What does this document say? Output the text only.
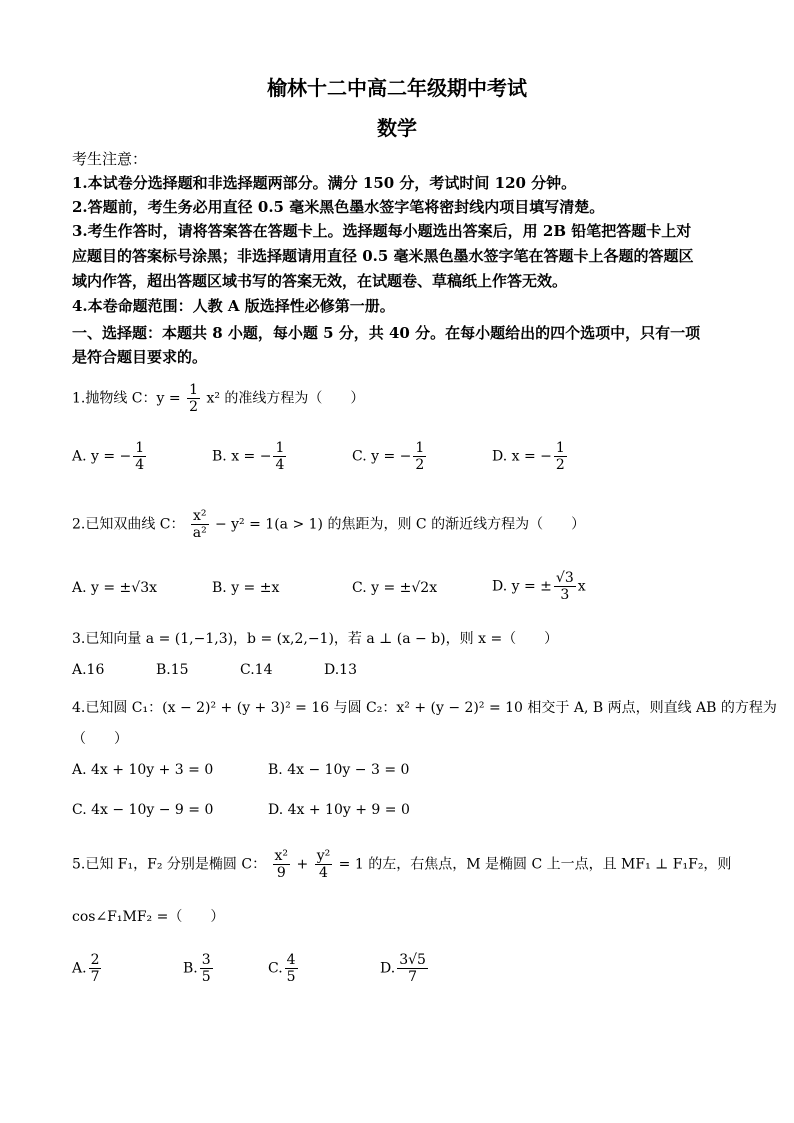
榆林十二中高二年级期中考试
数学
考生注意：
1.本试卷分选择题和非选择题两部分。满分 150 分，考试时间 120 分钟。
2.答题前，考生务必用直径 0.5 毫米黑色墨水签字笔将密封线内项目填写清楚。
3.考生作答时，请将答案答在答题卡上。选择题每小题选出答案后，用 2B 铅笔把答题卡上对
应题目的答案标号涂黑；非选择题请用直径 0.5 毫米黑色墨水签字笔在答题卡上各题的答题区
域内作答，超出答题区域书写的答案无效，在试题卷、草稿纸上作答无效。
4.本卷命题范围：人教 A 版选择性必修第一册。
一、选择题：本题共 8 小题，每小题 5 分，共 40 分。在每小题给出的四个选项中，只有一项
是符合题目要求的。
1.抛物线 C：$y = \frac{1}{2} x^2$ 的准线方程为（　　）
A. y = − $\frac{1}{4}$	B. x = − $\frac{1}{4}$	C. y = − $\frac{1}{2}$	D. x = − $\frac{1}{2}$
2.已知双曲线 C： $\frac{\text{x²}}{\text{a²}} - y^2 = 1(a > 1)$ 的焦距为，则 C 的渐近线方程为（　　）
A. y = ±√3x	B. y = ±x	C. y = ±√2x	D. y = ± $\frac{√3}{3}$ x
3.已知向量 a = (1,−1,3)，b = (x,2,−1)，若 a ⊥ (a − b)，则 x =（　　）
A.16	B.15	C.14	D.13
4.已知圆 C₁：(x − 2)² + (y + 3)² = 16 与圆 C₂：x² + (y − 2)² = 10 相交于 A, B 两点，则直线 AB 的方程为
（　　）
A. 4x + 10y + 3 = 0	B. 4x − 10y − 3 = 0
C. 4x − 10y − 9 = 0	D. 4x + 10y + 9 = 0
5.已知 F₁，F₂ 分别是椭圆 C： $\frac{\text{x²}}{9} + \frac{\text{y²}}{4} = 1$ 的左，右焦点，M 是椭圆 C 上一点，且 MF₁ ⊥ F₁F₂，则
cos∠F₁MF₂ =（　　）
A. $\frac{2}{7}$	B. $\frac{3}{5}$	C. $\frac{4}{5}$	D. $\frac{3√5}{7}$
